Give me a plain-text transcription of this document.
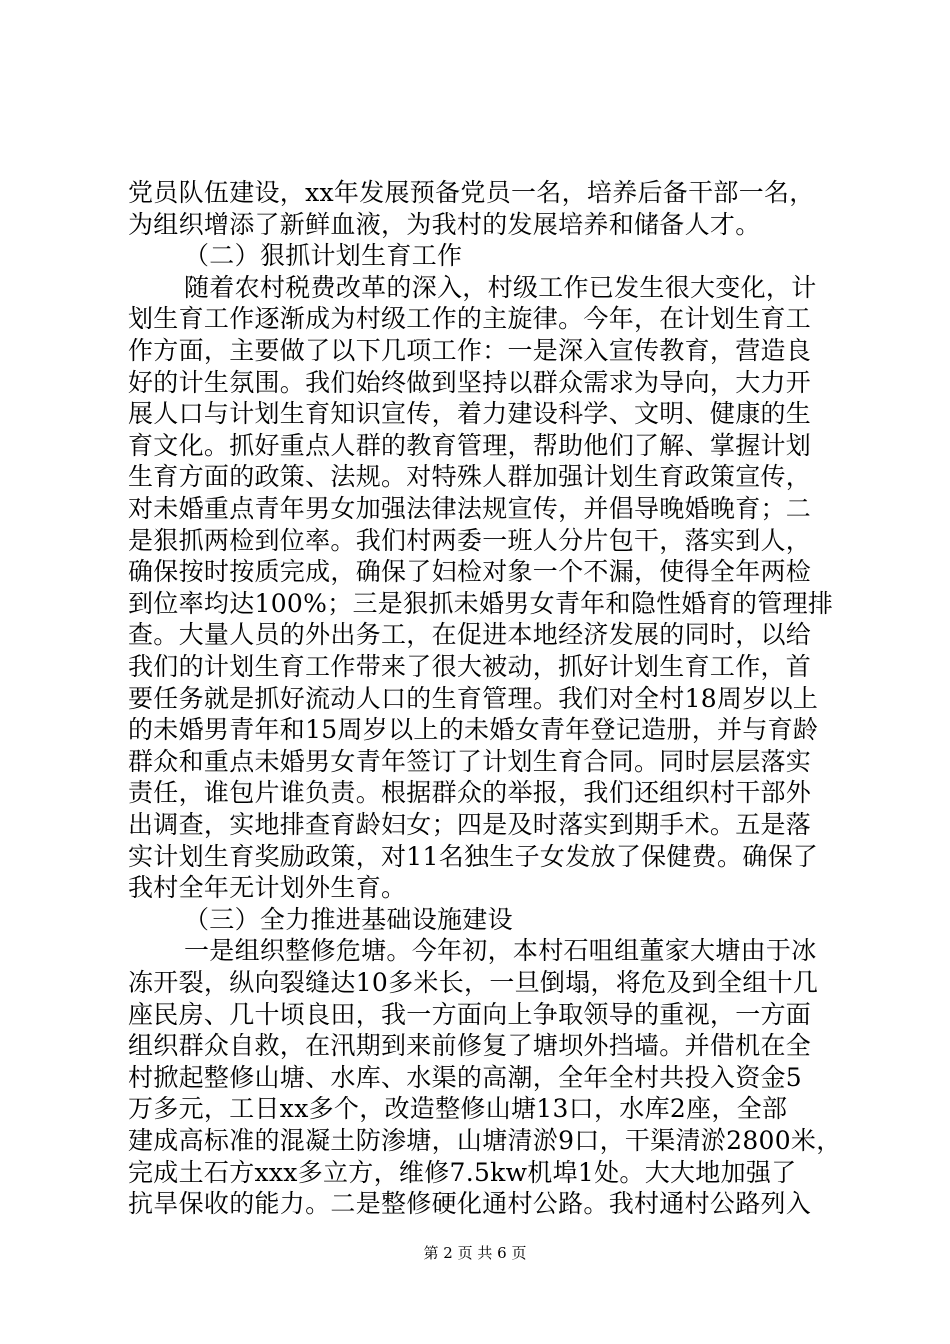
党员队伍建设，xx年发展预备党员一名，培养后备干部一名，
为组织增添了新鲜血液，为我村的发展培养和储备人才。
（二）狠抓计划生育工作
随着农村税费改革的深入，村级工作已发生很大变化，计
划生育工作逐渐成为村级工作的主旋律。今年，在计划生育工
作方面，主要做了以下几项工作：一是深入宣传教育，营造良
好的计生氛围。我们始终做到坚持以群众需求为导向，大力开
展人口与计划生育知识宣传，着力建设科学、文明、健康的生
育文化。抓好重点人群的教育管理，帮助他们了解、掌握计划
生育方面的政策、法规。对特殊人群加强计划生育政策宣传，
对未婚重点青年男女加强法律法规宣传，并倡导晚婚晚育；二
是狠抓两检到位率。我们村两委一班人分片包干，落实到人，
确保按时按质完成，确保了妇检对象一个不漏，使得全年两检
到位率均达100%；三是狠抓未婚男女青年和隐性婚育的管理排
查。大量人员的外出务工，在促进本地经济发展的同时，以给
我们的计划生育工作带来了很大被动，抓好计划生育工作，首
要任务就是抓好流动人口的生育管理。我们对全村18周岁以上
的未婚男青年和15周岁以上的未婚女青年登记造册，并与育龄
群众和重点未婚男女青年签订了计划生育合同。同时层层落实
责任，谁包片谁负责。根据群众的举报，我们还组织村干部外
出调查，实地排查育龄妇女；四是及时落实到期手术。五是落
实计划生育奖励政策，对11名独生子女发放了保健费。确保了
我村全年无计划外生育。
（三）全力推进基础设施建设
一是组织整修危塘。今年初，本村石咀组董家大塘由于冰
冻开裂，纵向裂缝达10多米长，一旦倒塌，将危及到全组十几
座民房、几十顷良田，我一方面向上争取领导的重视，一方面
组织群众自救，在汛期到来前修复了塘坝外挡墙。并借机在全
村掀起整修山塘、水库、水渠的高潮，全年全村共投入资金5
万多元，工日xx多个，改造整修山塘13口，水库2座，全部
建成高标准的混凝土防渗塘，山塘清淤9口，干渠清淤2800米，
完成土石方xxx多立方，维修7.5kw机埠1处。大大地加强了
抗旱保收的能力。二是整修硬化通村公路。我村通村公路列入
第 2 页 共 6 页
